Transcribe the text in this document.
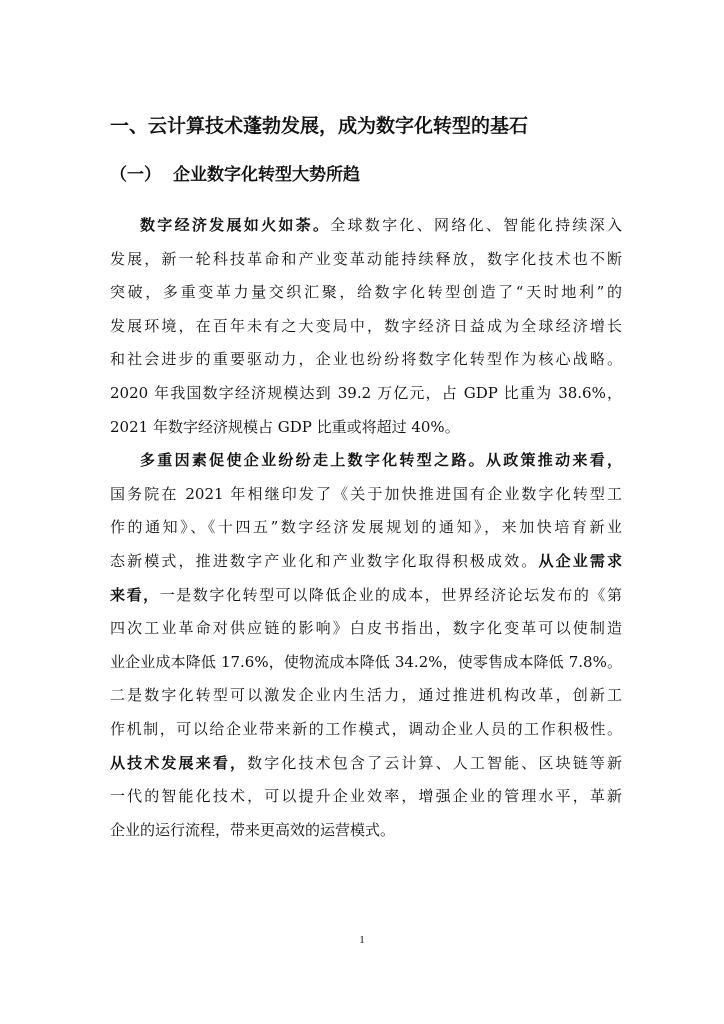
一、云计算技术蓬勃发展，成为数字化转型的基石
（一） 企业数字化转型大势所趋
数字经济发展如火如荼。全球数字化、网络化、智能化持续深入
发展，新一轮科技革命和产业变革动能持续释放，数字化技术也不断
突破，多重变革力量交织汇聚，给数字化转型创造了“天时地利”的
发展环境，在百年未有之大变局中，数字经济日益成为全球经济增长
和社会进步的重要驱动力，企业也纷纷将数字化转型作为核心战略。
2020 年我国数字经济规模达到 39.2 万亿元，占 GDP 比重为 38.6%，
2021 年数字经济规模占 GDP 比重或将超过 40%。
多重因素促使企业纷纷走上数字化转型之路。从政策推动来看，
国务院在 2021 年相继印发了《关于加快推进国有企业数字化转型工
作的通知》、《十四五”数字经济发展规划的通知》，来加快培育新业
态新模式，推进数字产业化和产业数字化取得积极成效。从企业需求
来看，一是数字化转型可以降低企业的成本，世界经济论坛发布的《第
四次工业革命对供应链的影响》白皮书指出，数字化变革可以使制造
业企业成本降低 17.6%，使物流成本降低 34.2%，使零售成本降低 7.8%。
二是数字化转型可以激发企业内生活力，通过推进机构改革，创新工
作机制，可以给企业带来新的工作模式，调动企业人员的工作积极性。
从技术发展来看，数字化技术包含了云计算、人工智能、区块链等新
一代的智能化技术，可以提升企业效率，增强企业的管理水平，革新
企业的运行流程，带来更高效的运营模式。
1
